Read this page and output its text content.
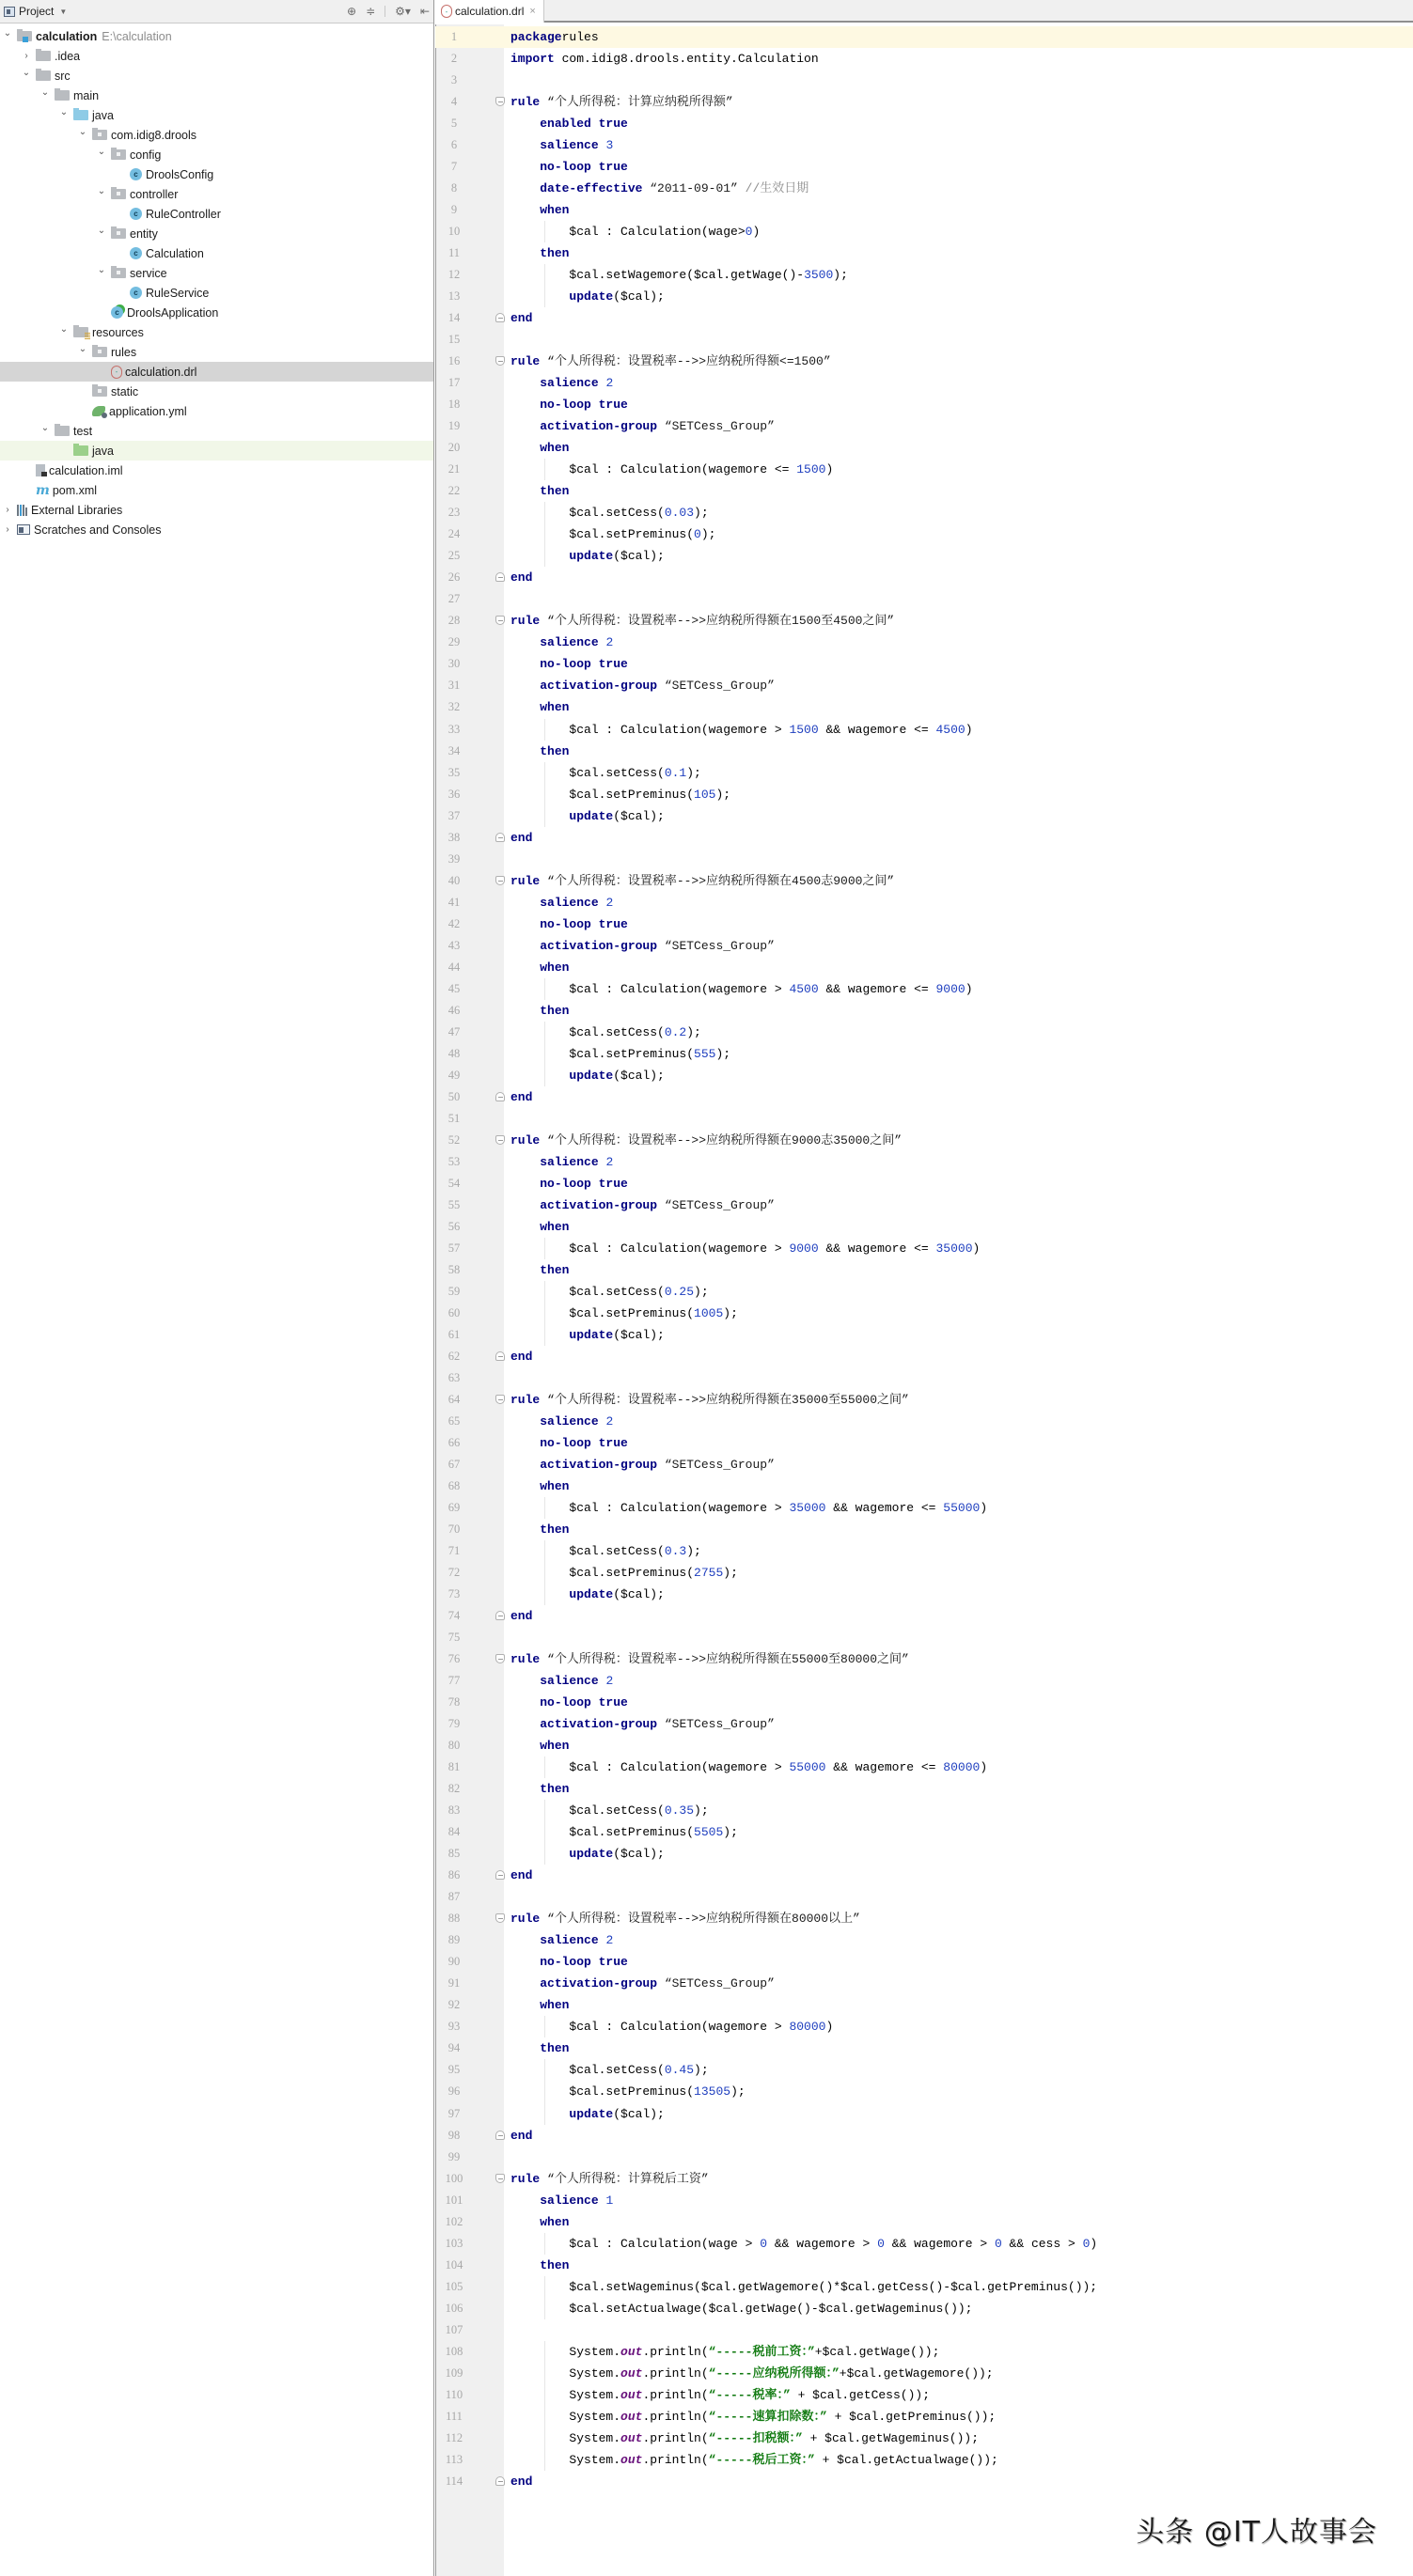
Project ▼	⊕ ≑ ⚙▾ ⇤
⌄ calculation E:\calculation
›	.idea
⌄ src
⌄ main
⌄ java
⌄ com.idig8.drools
⌄ config
c DroolsConfig
⌄ controller
c RuleController
⌄ entity
c Calculation
⌄ service
c RuleService
c DroolsApplication
⌄ resources
⌄ rules
- calculation.drl
static
application.yml
⌄ test
java
calculation.iml
m pom.xml
›	External Libraries
›	Scratches and Consoles
- calculation.drl ×
1	packagerules
2	import com.idig8.drools.entity.Calculation
3
4	rule “个人所得税：计算应纳税所得额”
5	enabled true
6	salience 3
7	no-loop true
8	date-effective “2011-09-01” //生效日期
9	when
10	$cal : Calculation(wage>0)
11	then
12	$cal.setWagemore($cal.getWage()-3500);
13	update($cal);
14	end
15
16	rule “个人所得税：设置税率-->>应纳税所得额<=1500”
17	salience 2
18	no-loop true
19	activation-group “SETCess_Group”
20	when
21	$cal : Calculation(wagemore <= 1500)
22	then
23	$cal.setCess(0.03);
24	$cal.setPreminus(0);
25	update($cal);
26	end
27
28	rule “个人所得税：设置税率-->>应纳税所得额在1500至4500之间”
29	salience 2
30	no-loop true
31	activation-group “SETCess_Group”
32	when
33	$cal : Calculation(wagemore > 1500 && wagemore <= 4500)
34	then
35	$cal.setCess(0.1);
36	$cal.setPreminus(105);
37	update($cal);
38	end
39
40	rule “个人所得税：设置税率-->>应纳税所得额在4500志9000之间”
41	salience 2
42	no-loop true
43	activation-group “SETCess_Group”
44	when
45	$cal : Calculation(wagemore > 4500 && wagemore <= 9000)
46	then
47	$cal.setCess(0.2);
48	$cal.setPreminus(555);
49	update($cal);
50	end
51
52	rule “个人所得税：设置税率-->>应纳税所得额在9000志35000之间”
53	salience 2
54	no-loop true
55	activation-group “SETCess_Group”
56	when
57	$cal : Calculation(wagemore > 9000 && wagemore <= 35000)
58	then
59	$cal.setCess(0.25);
60	$cal.setPreminus(1005);
61	update($cal);
62	end
63
64	rule “个人所得税：设置税率-->>应纳税所得额在35000至55000之间”
65	salience 2
66	no-loop true
67	activation-group “SETCess_Group”
68	when
69	$cal : Calculation(wagemore > 35000 && wagemore <= 55000)
70	then
71	$cal.setCess(0.3);
72	$cal.setPreminus(2755);
73	update($cal);
74	end
75
76	rule “个人所得税：设置税率-->>应纳税所得额在55000至80000之间”
77	salience 2
78	no-loop true
79	activation-group “SETCess_Group”
80	when
81	$cal : Calculation(wagemore > 55000 && wagemore <= 80000)
82	then
83	$cal.setCess(0.35);
84	$cal.setPreminus(5505);
85	update($cal);
86	end
87
88	rule “个人所得税：设置税率-->>应纳税所得额在80000以上”
89	salience 2
90	no-loop true
91	activation-group “SETCess_Group”
92	when
93	$cal : Calculation(wagemore > 80000)
94	then
95	$cal.setCess(0.45);
96	$cal.setPreminus(13505);
97	update($cal);
98	end
99
100	rule “个人所得税：计算税后工资”
101	salience 1
102	when
103	$cal : Calculation(wage > 0 && wagemore > 0 && wagemore > 0 && cess > 0)
104	then
105	$cal.setWageminus($cal.getWagemore()*$cal.getCess()-$cal.getPreminus());
106	$cal.setActualwage($cal.getWage()-$cal.getWageminus());
107
108	System.out.println(“-----税前工资：”+$cal.getWage());
109	System.out.println(“-----应纳税所得额：”+$cal.getWagemore());
110	System.out.println(“-----税率：” + $cal.getCess());
111	System.out.println(“-----速算扣除数：” + $cal.getPreminus());
112	System.out.println(“-----扣税额：” + $cal.getWageminus());
113	System.out.println(“-----税后工资：” + $cal.getActualwage());
114	end
头条 @IT人故事会
